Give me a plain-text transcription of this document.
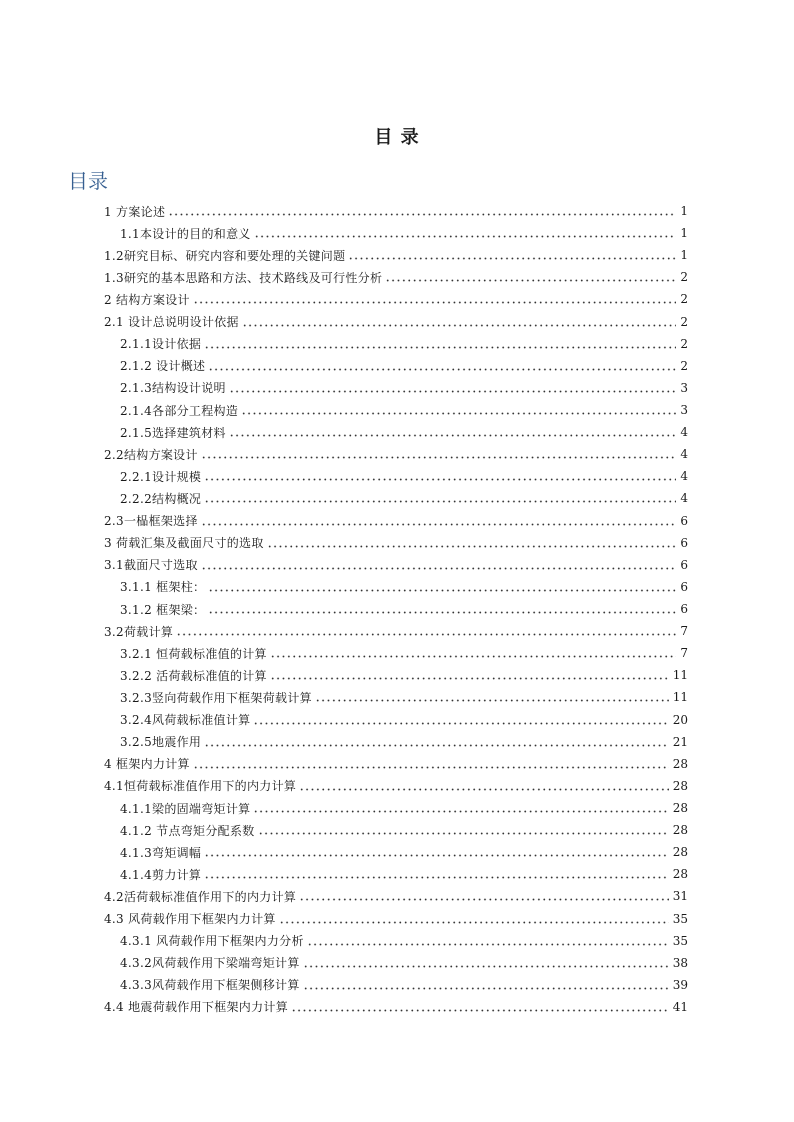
目 录
目录
1 方案论述	1
1.1本设计的目的和意义	1
1.2研究目标、研究内容和要处理的关键问题	1
1.3研究的基本思路和方法、技术路线及可行性分析	2
2 结构方案设计	2
2.1 设计总说明设计依据	2
2.1.1设计依据	2
2.1.2 设计概述	2
2.1.3结构设计说明	3
2.1.4各部分工程构造	3
2.1.5选择建筑材料	4
2.2结构方案设计	4
2.2.1设计规模	4
2.2.2结构概况	4
2.3一榀框架选择	6
3 荷载汇集及截面尺寸的选取	6
3.1截面尺寸选取	6
3.1.1 框架柱：	6
3.1.2 框架梁：	6
3.2荷载计算	7
3.2.1 恒荷载标准值的计算	7
3.2.2 活荷载标准值的计算	11
3.2.3竖向荷载作用下框架荷载计算	11
3.2.4风荷载标准值计算	20
3.2.5地震作用	21
4 框架内力计算	28
4.1恒荷载标准值作用下的内力计算	28
4.1.1梁的固端弯矩计算	28
4.1.2 节点弯矩分配系数	28
4.1.3弯矩调幅	28
4.1.4剪力计算	28
4.2活荷载标准值作用下的内力计算	31
4.3 风荷载作用下框架内力计算	35
4.3.1 风荷载作用下框架内力分析	35
4.3.2风荷载作用下梁端弯矩计算	38
4.3.3风荷载作用下框架侧移计算	39
4.4 地震荷载作用下框架内力计算	41
